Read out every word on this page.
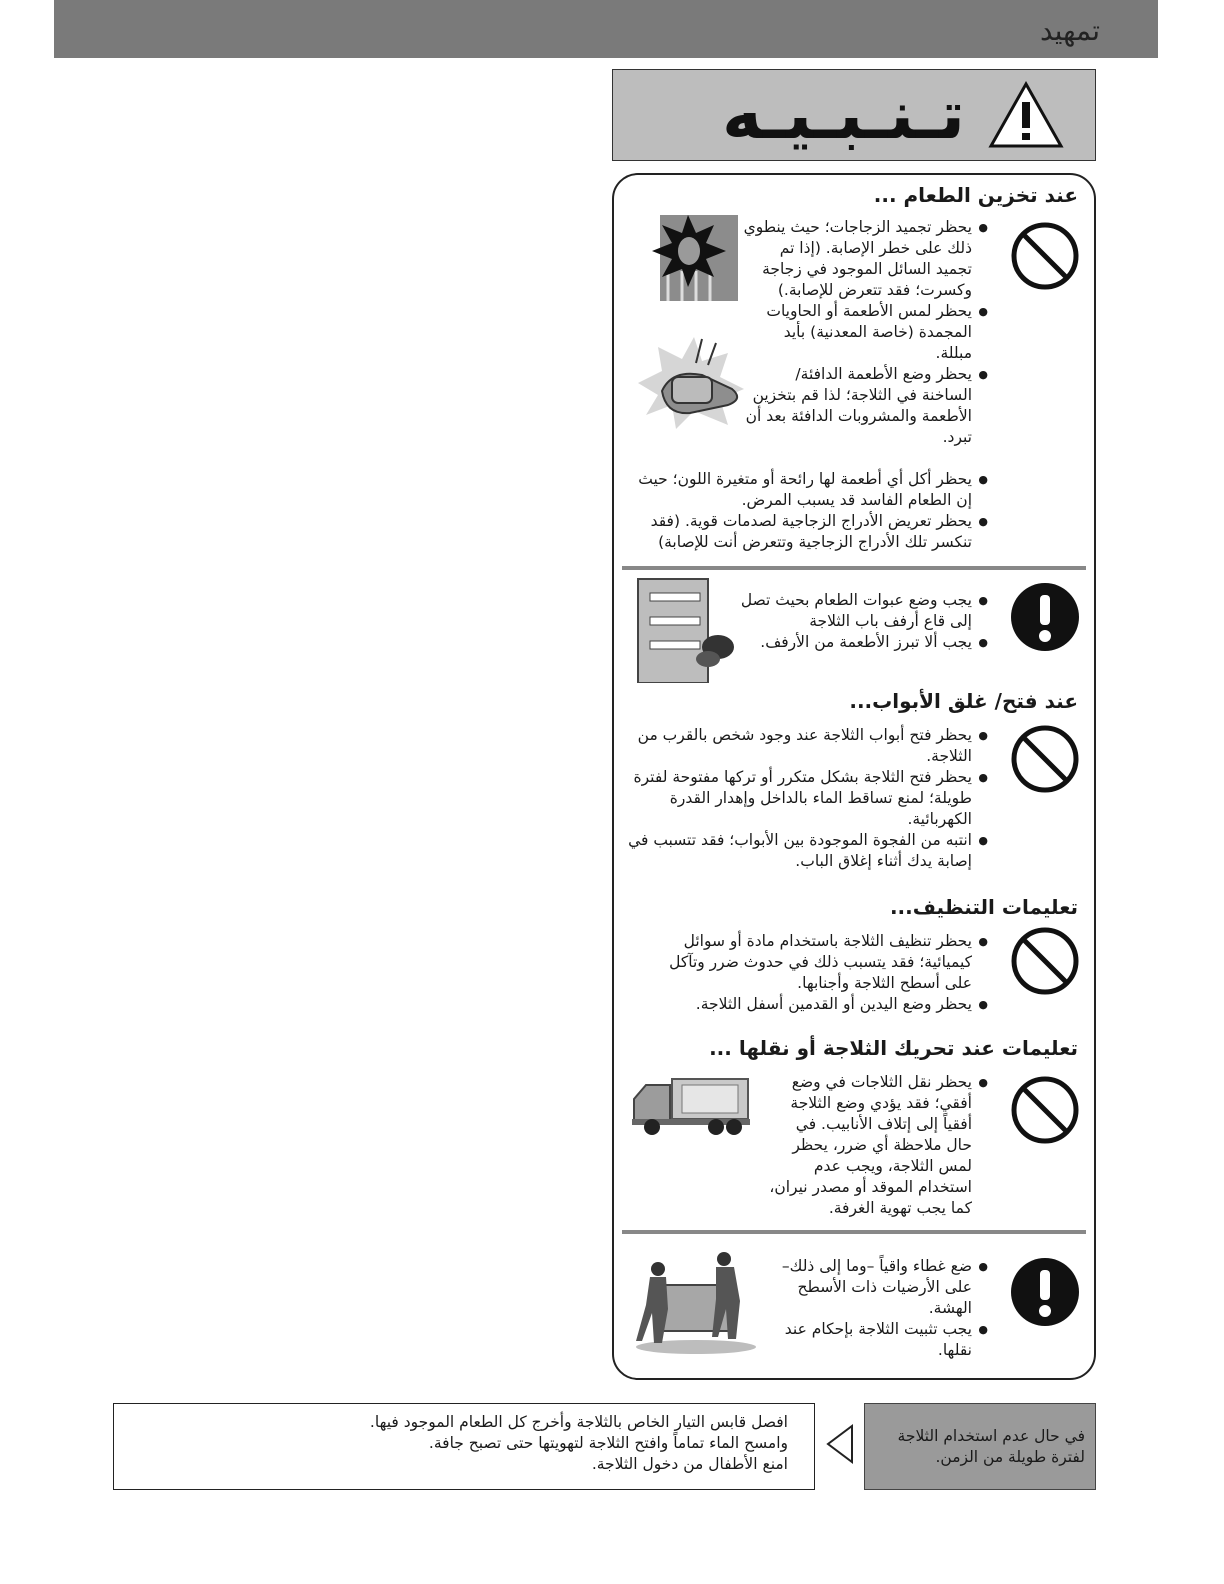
تمهيد
تـنـبـيـه
عند تخزين الطعام ...
● يحظر تجميد الزجاجات؛ حيث ينطوي ذلك على خطر الإصابة. (إذا تم تجميد السائل الموجود في زجاجة وكسرت؛ فقد تتعرض للإصابة.)
● يحظر لمس الأطعمة أو الحاويات المجمدة (خاصة المعدنية) بأيد مبللة.
● يحظر وضع الأطعمة الدافئة/ الساخنة في الثلاجة؛ لذا قم بتخزين الأطعمة والمشروبات الدافئة بعد أن تبرد.
● يحظر أكل أي أطعمة لها رائحة أو متغيرة اللون؛ حيث إن الطعام الفاسد قد يسبب المرض.
● يحظر تعريض الأدراج الزجاجية لصدمات قوية. (فقد تنكسر تلك الأدراج الزجاجية وتتعرض أنت للإصابة)
● يجب وضع عبوات الطعام بحيث تصل إلى قاع أرفف باب الثلاجة
● يجب ألا تبرز الأطعمة من الأرفف.
عند فتح/ غلق الأبواب...
● يحظر فتح أبواب الثلاجة عند وجود شخص بالقرب من الثلاجة.
● يحظر فتح الثلاجة بشكل متكرر أو تركها مفتوحة لفترة طويلة؛ لمنع تساقط الماء بالداخل وإهدار القدرة الكهربائية.
● انتبه من الفجوة الموجودة بين الأبواب؛ فقد تتسبب في إصابة يدك أثناء إغلاق الباب.
تعليمات التنظيف...
● يحظر تنظيف الثلاجة باستخدام مادة أو سوائل كيميائية؛ فقد يتسبب ذلك في حدوث ضرر وتآكل على أسطح الثلاجة وأجنابها.
● يحظر وضع اليدين أو القدمين أسفل الثلاجة.
تعليمات عند تحريك الثلاجة أو نقلها ...
● يحظر نقل الثلاجات في وضع أفقي؛ فقد يؤدي وضع الثلاجة أفقياً إلى إتلاف الأنابيب. في حال ملاحظة أي ضرر، يحظر لمس الثلاجة، ويجب عدم استخدام الموقد أو مصدر نيران، كما يجب تهوية الغرفة.
● ضع غطاء واقياً –وما إلى ذلك– على الأرضيات ذات الأسطح الهشة.
● يجب تثبيت الثلاجة بإحكام عند نقلها.
افصل قابس التيار الخاص بالثلاجة وأخرج كل الطعام الموجود فيها.
وامسح الماء تماماً وافتح الثلاجة لتهويتها حتى تصبح جافة.
امنع الأطفال من دخول الثلاجة.
في حال عدم استخدام الثلاجة لفترة طويلة من الزمن.
